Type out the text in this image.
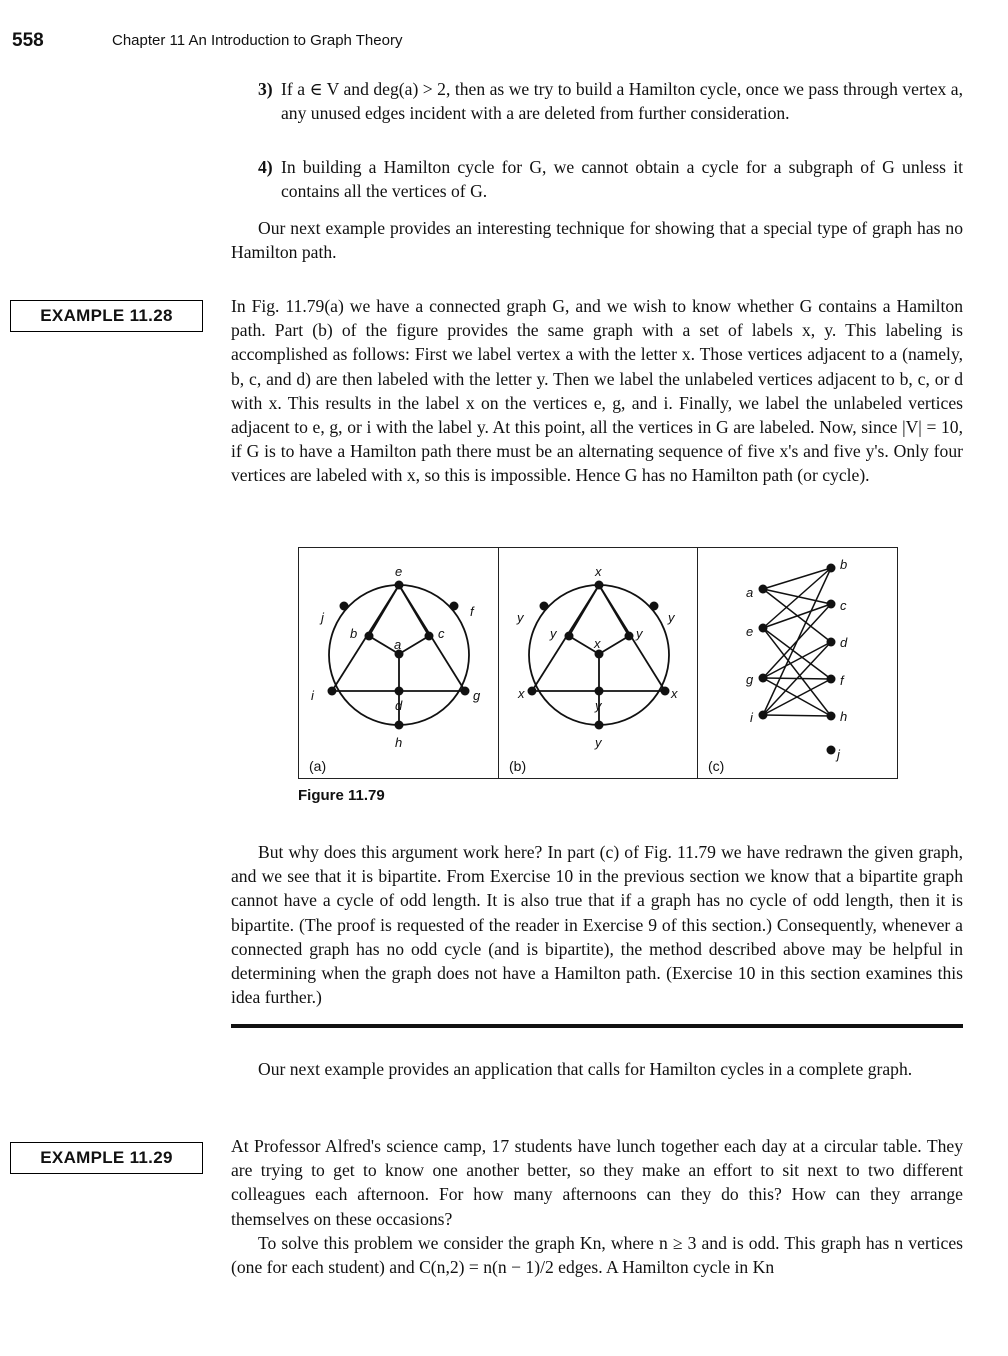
558	Chapter 11 An Introduction to Graph Theory
3) If a ∈ V and deg(a) > 2, then as we try to build a Hamilton cycle, once we pass through vertex a, any unused edges incident with a are deleted from further consideration.
4) In building a Hamilton cycle for G, we cannot obtain a cycle for a subgraph of G unless it contains all the vertices of G.

Our next example provides an interesting technique for showing that a special type of graph has no Hamilton path.

EXAMPLE 11.28	In Fig. 11.79(a) we have a connected graph G, and we wish to know whether G contains a Hamilton path. Part (b) of the figure provides the same graph with a set of labels x, y. This labeling is accomplished as follows: First we label vertex a with the letter x. Those vertices adjacent to a (namely, b, c, and d) are then labeled with the letter y. Then we label the unlabeled vertices adjacent to b, c, or d with x. This results in the label x on the vertices e, g, and i. Finally, we label the unlabeled vertices adjacent to e, g, or i with the label y. At this point, all the vertices in G are labeled. Now, since |V| = 10, if G is to have a Hamilton path there must be an alternating sequence of five x's and five y's. Only four vertices are labeled with x, so this is impossible. Hence G has no Hamilton path (or cycle).

e
j	f
b
a
c
i
d
g
h
(a)
x
y	y
y
x
y
x
y
x
y
(b)
a
e
g
i
b
c
d
f
h
j
(c)
Figure 11.79

But why does this argument work here? In part (c) of Fig. 11.79 we have redrawn the given graph, and we see that it is bipartite. From Exercise 10 in the previous section we know that a bipartite graph cannot have a cycle of odd length. It is also true that if a graph has no cycle of odd length, then it is bipartite. (The proof is requested of the reader in Exercise 9 of this section.) Consequently, whenever a connected graph has no odd cycle (and is bipartite), the method described above may be helpful in determining when the graph does not have a Hamilton path. (Exercise 10 in this section examines this idea further.)

Our next example provides an application that calls for Hamilton cycles in a complete graph.

EXAMPLE 11.29

At Professor Alfred's science camp, 17 students have lunch together each day at a circular table. They are trying to get to know one another better, so they make an effort to sit next to two different colleagues each afternoon. For how many afternoons can they do this? How can they arrange themselves on these occasions?

To solve this problem we consider the graph Kn, where n ≥ 3 and is odd. This graph has n vertices (one for each student) and C(n,2) = n(n − 1)/2 edges. A Hamilton cycle in Kn
